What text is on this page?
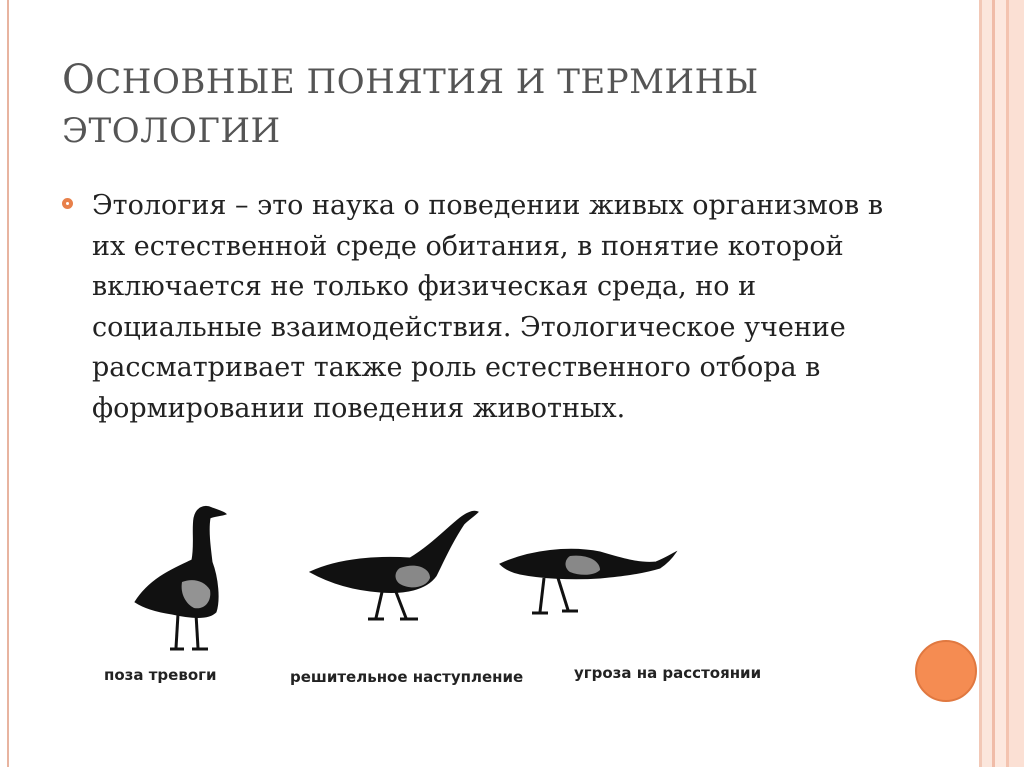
ОСНОВНЫЕ ПОНЯТИЯ И ТЕРМИНЫ
ЭТОЛОГИИ
Этология – это наука о поведении живых организмов в их естественной среде обитания, в понятие которой включается не только физическая среда, но и социальные взаимодействия. Этологическое учение рассматривает также роль естественного отбора в формировании поведения животных.
поза тревоги	решительное наступление	угроза на расстоянии
